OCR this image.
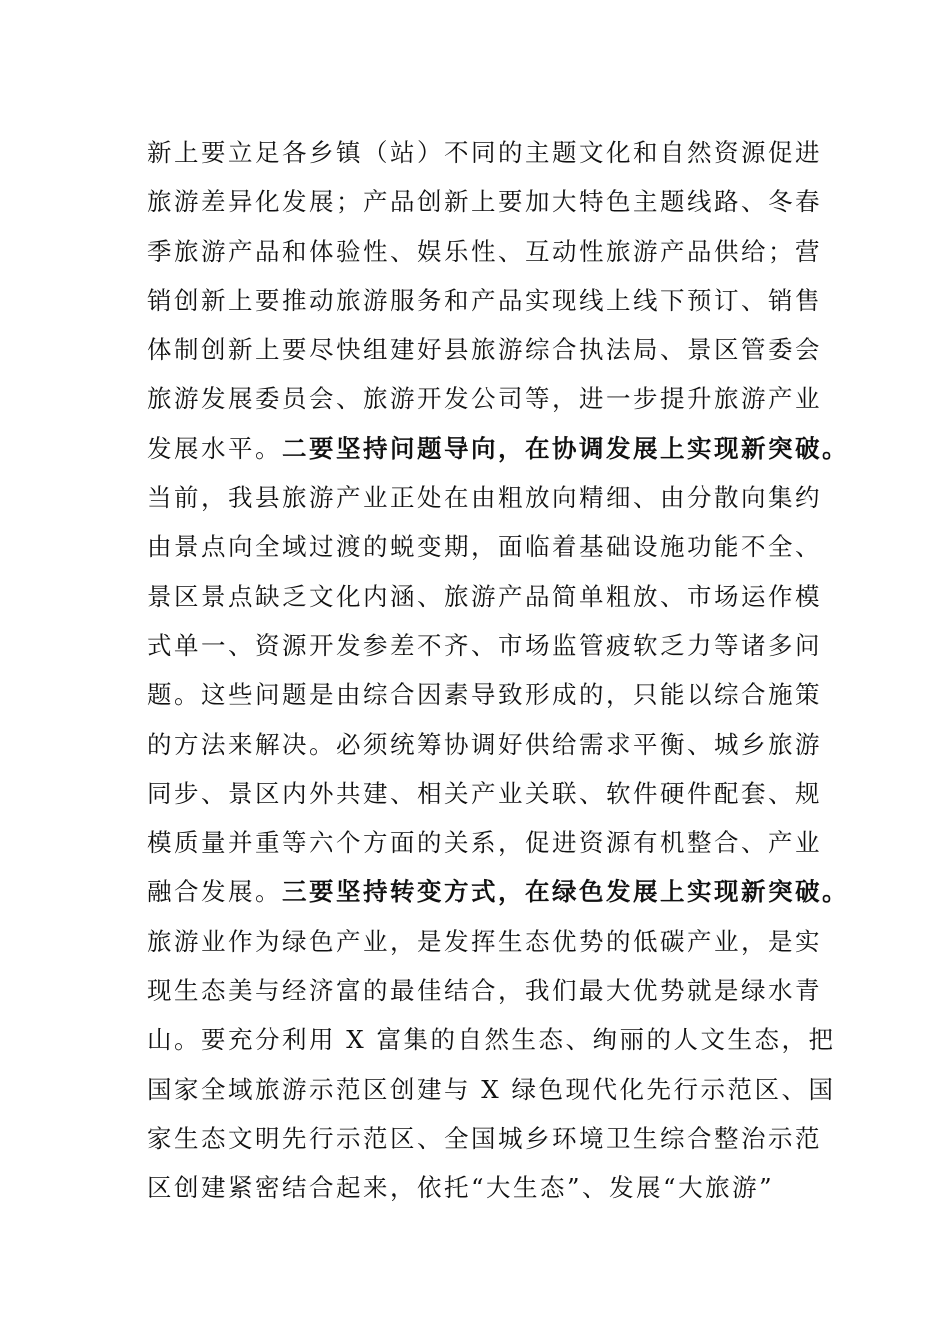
新上要立足各乡镇（站）不同的主题文化和自然资源促进
旅游差异化发展；产品创新上要加大特色主题线路、冬春
季旅游产品和体验性、娱乐性、互动性旅游产品供给；营
销创新上要推动旅游服务和产品实现线上线下预订、销售
体制创新上要尽快组建好县旅游综合执法局、景区管委会
旅游发展委员会、旅游开发公司等，进一步提升旅游产业
发展水平。二要坚持问题导向，在协调发展上实现新突破。
当前，我县旅游产业正处在由粗放向精细、由分散向集约
由景点向全域过渡的蜕变期，面临着基础设施功能不全、
景区景点缺乏文化内涵、旅游产品简单粗放、市场运作模
式单一、资源开发参差不齐、市场监管疲软乏力等诸多问
题。这些问题是由综合因素导致形成的，只能以综合施策
的方法来解决。必须统筹协调好供给需求平衡、城乡旅游
同步、景区内外共建、相关产业关联、软件硬件配套、规
模质量并重等六个方面的关系，促进资源有机整合、产业
融合发展。三要坚持转变方式，在绿色发展上实现新突破。
旅游业作为绿色产业，是发挥生态优势的低碳产业，是实
现生态美与经济富的最佳结合，我们最大优势就是绿水青
山。要充分利用 X 富集的自然生态、绚丽的人文生态，把
国家全域旅游示范区创建与 X 绿色现代化先行示范区、国
家生态文明先行示范区、全国城乡环境卫生综合整治示范
区创建紧密结合起来，依托“大生态”、发展“大旅游”
